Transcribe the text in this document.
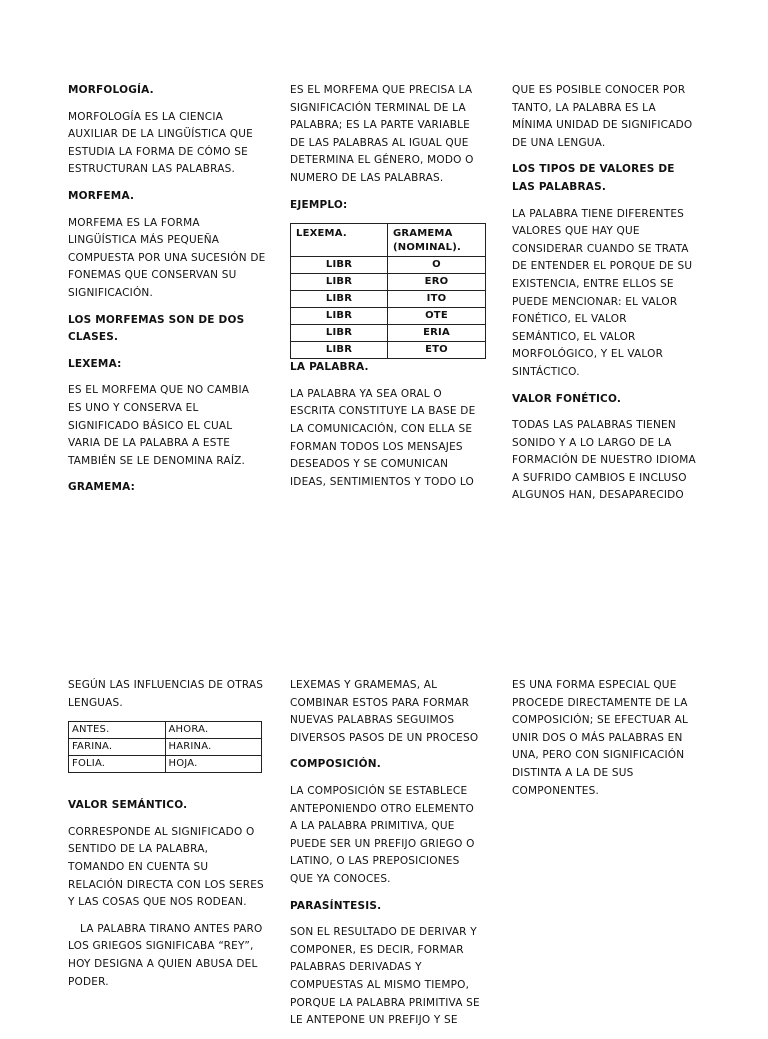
MORFOLOGÍA.

MORFOLOGÍA ES LA CIENCIA AUXILIAR DE LA LINGÜÍSTICA QUE ESTUDIA LA FORMA DE CÓMO SE ESTRUCTURAN LAS PALABRAS.

MORFEMA.

MORFEMA ES LA FORMA LINGÜÍSTICA MÁS PEQUEÑA COMPUESTA POR UNA SUCESIÓN DE FONEMAS QUE CONSERVAN SU SIGNIFICACIÓN.

LOS MORFEMAS SON DE DOS CLASES.

LEXEMA:

ES EL MORFEMA QUE NO CAMBIA ES UNO Y CONSERVA EL SIGNIFICADO BÁSICO EL CUAL VARIA DE LA PALABRA A ESTE TAMBIÉN SE LE DENOMINA RAÍZ.

GRAMEMA:

ES EL MORFEMA QUE PRECISA LA SIGNIFICACIÓN TERMINAL DE LA PALABRA; ES LA PARTE VARIABLE DE LAS PALABRAS AL IGUAL QUE DETERMINA EL GÉNERO, MODO O NUMERO DE LAS PALABRAS.

EJEMPLO:

LEXEMA.	GRAMEMA (NOMINAL).
LIBR	O
LIBR	ERO
LIBR	ITO
LIBR	OTE
LIBR	ERIA
LIBR	ETO

LA PALABRA.

LA PALABRA YA SEA ORAL O ESCRITA CONSTITUYE LA BASE DE LA COMUNICACIÓN, CON ELLA SE FORMAN TODOS LOS MENSAJES DESEADOS Y SE COMUNICAN IDEAS, SENTIMIENTOS Y TODO LO

QUE ES POSIBLE CONOCER POR TANTO, LA PALABRA ES LA MÍNIMA UNIDAD DE SIGNIFICADO DE UNA LENGUA.

LOS TIPOS DE VALORES DE LAS PALABRAS.

LA PALABRA TIENE DIFERENTES VALORES QUE HAY QUE CONSIDERAR CUANDO SE TRATA DE ENTENDER EL PORQUE DE SU EXISTENCIA, ENTRE ELLOS SE PUEDE MENCIONAR: EL VALOR FONÉTICO, EL VALOR SEMÁNTICO, EL VALOR MORFOLÓGICO, Y EL VALOR SINTÁCTICO.

VALOR FONÉTICO.

TODAS LAS PALABRAS TIENEN SONIDO Y A LO LARGO DE LA FORMACIÓN DE NUESTRO IDIOMA A SUFRIDO CAMBIOS E INCLUSO ALGUNOS HAN, DESAPARECIDO

SEGÚN LAS INFLUENCIAS DE OTRAS LENGUAS.

ANTES.	AHORA.
FARINA.	HARINA.
FOLIA.	HOJA.

VALOR SEMÁNTICO.

CORRESPONDE AL SIGNIFICADO O SENTIDO DE LA PALABRA, TOMANDO EN CUENTA SU RELACIÓN DIRECTA CON LOS SERES Y LAS COSAS QUE NOS RODEAN.

LA PALABRA TIRANO ANTES PARO LOS GRIEGOS SIGNIFICABA “REY”, HOY DESIGNA A QUIEN ABUSA DEL PODER.

LEXEMAS Y GRAMEMAS, AL COMBINAR ESTOS PARA FORMAR NUEVAS PALABRAS SEGUIMOS DIVERSOS PASOS DE UN PROCESO

COMPOSICIÓN.

LA COMPOSICIÓN SE ESTABLECE ANTEPONIENDO OTRO ELEMENTO A LA PALABRA PRIMITIVA, QUE PUEDE SER UN PREFIJO GRIEGO O LATINO, O LAS PREPOSICIONES QUE YA CONOCES.

PARASÍNTESIS.

SON EL RESULTADO DE DERIVAR Y COMPONER, ES DECIR, FORMAR PALABRAS DERIVADAS Y COMPUESTAS AL MISMO TIEMPO, PORQUE LA PALABRA PRIMITIVA SE LE ANTEPONE UN PREFIJO Y SE

ES UNA FORMA ESPECIAL QUE PROCEDE DIRECTAMENTE DE LA COMPOSICIÓN; SE EFECTUAR AL UNIR DOS O MÁS PALABRAS EN UNA, PERO CON SIGNIFICACIÓN DISTINTA A LA DE SUS COMPONENTES.
